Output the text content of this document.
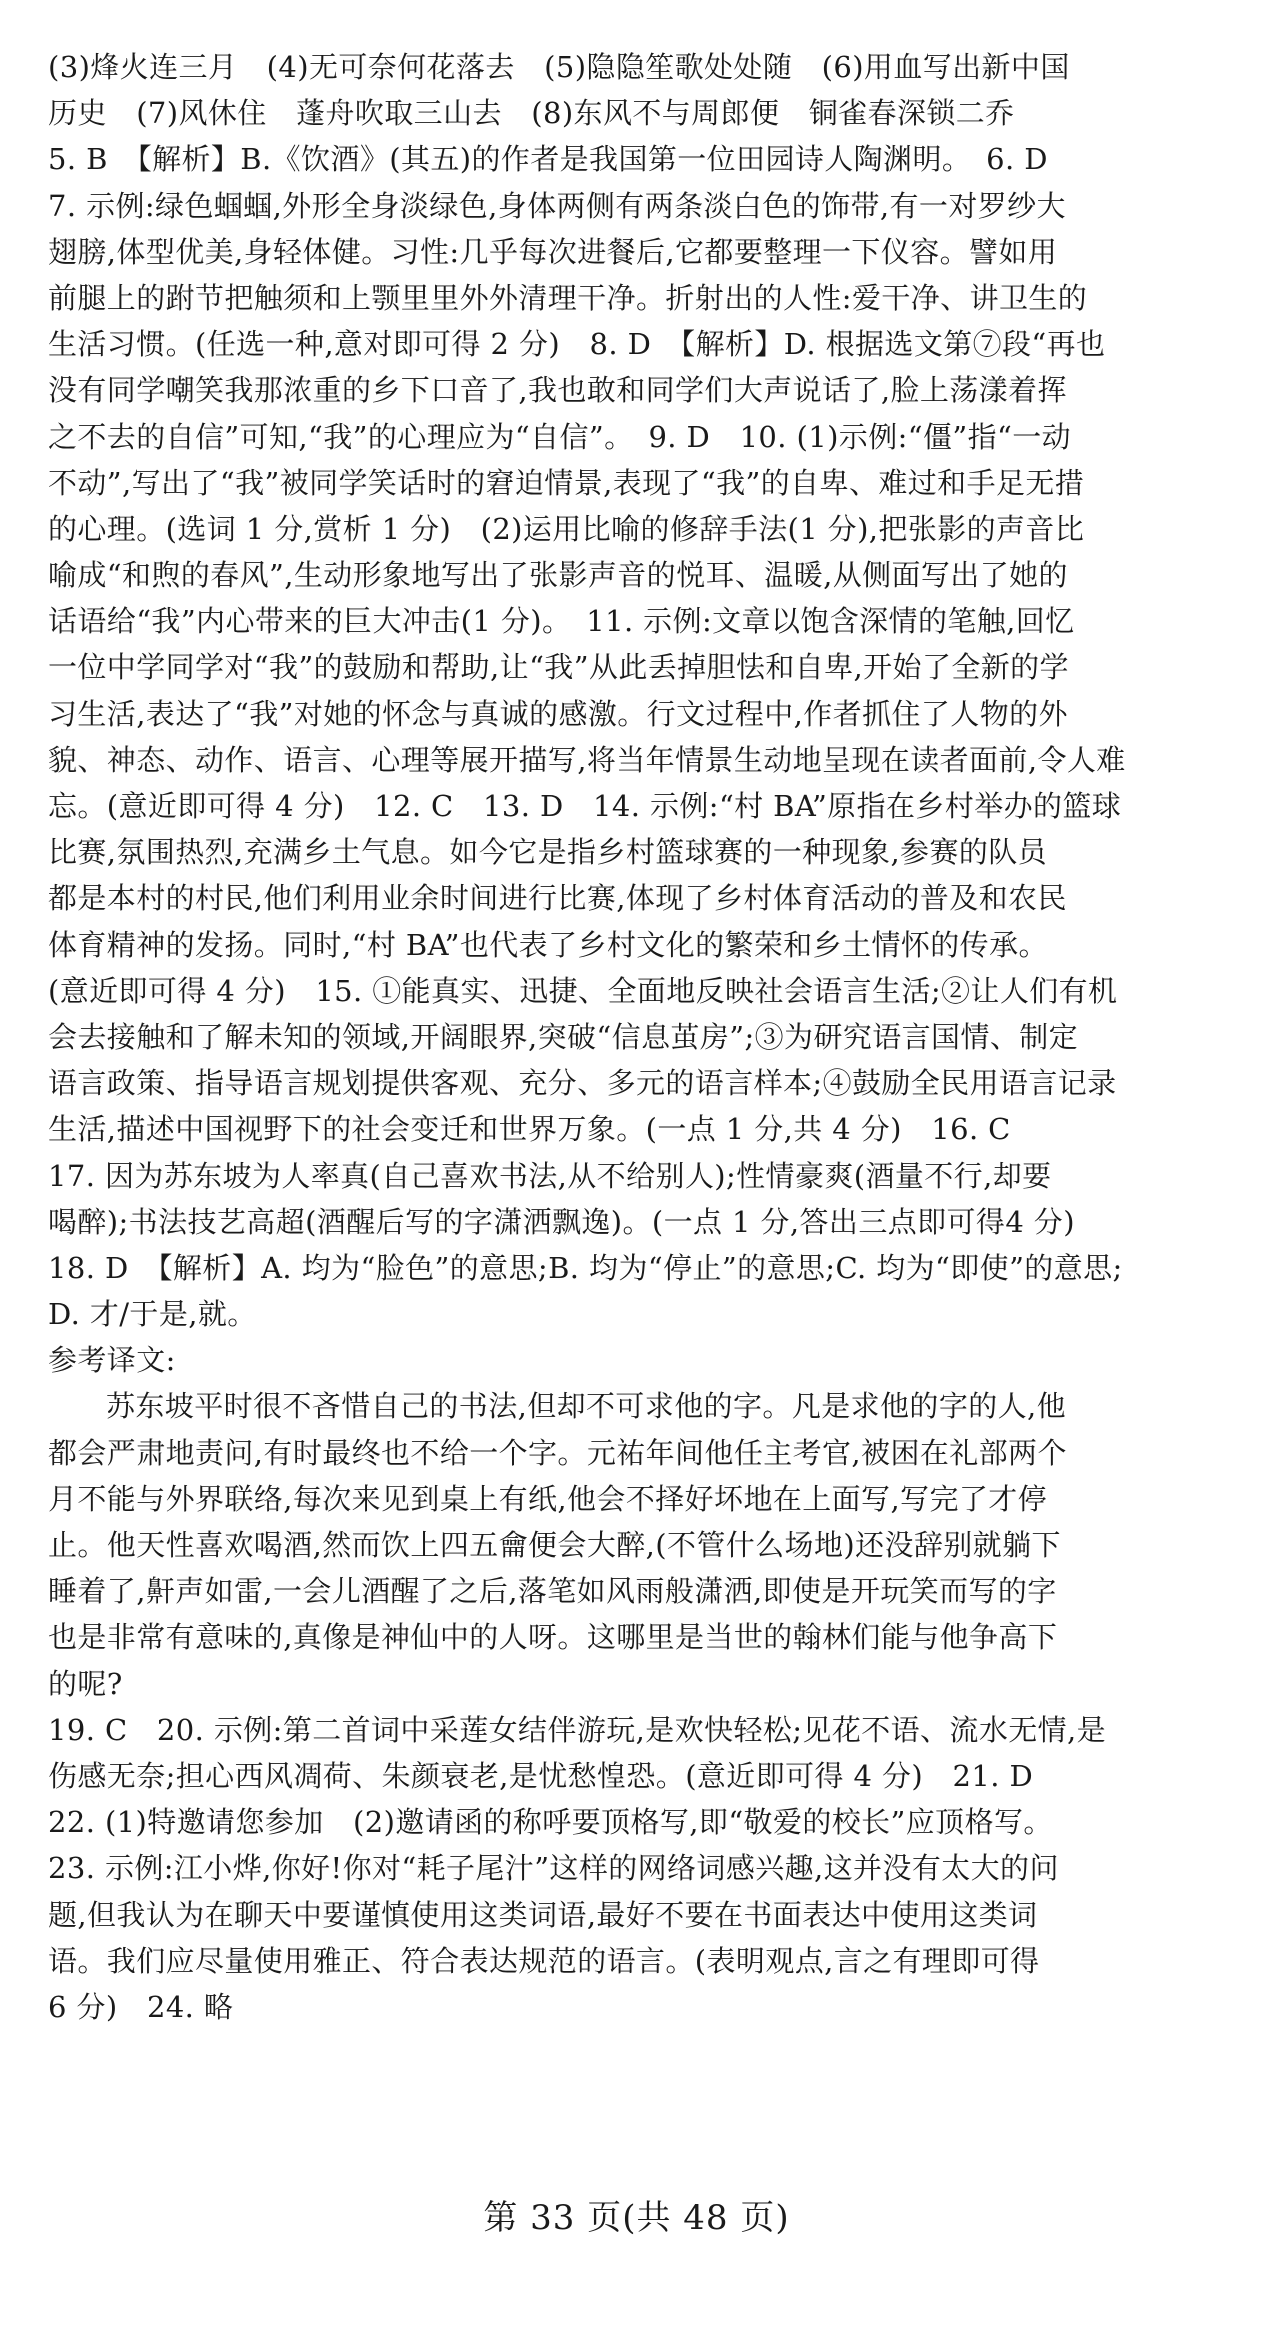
(3)烽火连三月　(4)无可奈何花落去　(5)隐隐笙歌处处随　(6)用血写出新中国
历史　(7)风休住　蓬舟吹取三山去　(8)东风不与周郎便　铜雀春深锁二乔
5. B　【解析】B.《饮酒》(其五)的作者是我国第一位田园诗人陶渊明。　6. D
7. 示例:绿色蝈蝈,外形全身淡绿色,身体两侧有两条淡白色的饰带,有一对罗纱大
翅膀,体型优美,身轻体健。习性:几乎每次进餐后,它都要整理一下仪容。譬如用
前腿上的跗节把触须和上颚里里外外清理干净。折射出的人性:爱干净、讲卫生的
生活习惯。(任选一种,意对即可得 2 分)　8. D　【解析】D. 根据选文第⑦段“再也
没有同学嘲笑我那浓重的乡下口音了,我也敢和同学们大声说话了,脸上荡漾着挥
之不去的自信”可知,“我”的心理应为“自信”。　9. D　10. (1)示例:“僵”指“一动
不动”,写出了“我”被同学笑话时的窘迫情景,表现了“我”的自卑、难过和手足无措
的心理。(选词 1 分,赏析 1 分)　(2)运用比喻的修辞手法(1 分),把张影的声音比
喻成“和煦的春风”,生动形象地写出了张影声音的悦耳、温暖,从侧面写出了她的
话语给“我”内心带来的巨大冲击(1 分)。　11. 示例:文章以饱含深情的笔触,回忆
一位中学同学对“我”的鼓励和帮助,让“我”从此丢掉胆怯和自卑,开始了全新的学
习生活,表达了“我”对她的怀念与真诚的感激。行文过程中,作者抓住了人物的外
貌、神态、动作、语言、心理等展开描写,将当年情景生动地呈现在读者面前,令人难
忘。(意近即可得 4 分)　12. C　13. D　14. 示例:“村 BA”原指在乡村举办的篮球
比赛,氛围热烈,充满乡土气息。如今它是指乡村篮球赛的一种现象,参赛的队员
都是本村的村民,他们利用业余时间进行比赛,体现了乡村体育活动的普及和农民
体育精神的发扬。同时,“村 BA”也代表了乡村文化的繁荣和乡土情怀的传承。
(意近即可得 4 分)　15. ①能真实、迅捷、全面地反映社会语言生活;②让人们有机
会去接触和了解未知的领域,开阔眼界,突破“信息茧房”;③为研究语言国情、制定
语言政策、指导语言规划提供客观、充分、多元的语言样本;④鼓励全民用语言记录
生活,描述中国视野下的社会变迁和世界万象。(一点 1 分,共 4 分)　16. C
17. 因为苏东坡为人率真(自己喜欢书法,从不给别人);性情豪爽(酒量不行,却要
喝醉);书法技艺高超(酒醒后写的字潇洒飘逸)。(一点 1 分,答出三点即可得4 分)
18. D　【解析】A. 均为“脸色”的意思;B. 均为“停止”的意思;C. 均为“即使”的意思;
D. 才/于是,就。
参考译文:
苏东坡平时很不吝惜自己的书法,但却不可求他的字。凡是求他的字的人,他
都会严肃地责问,有时最终也不给一个字。元祐年间他任主考官,被困在礼部两个
月不能与外界联络,每次来见到桌上有纸,他会不择好坏地在上面写,写完了才停
止。他天性喜欢喝酒,然而饮上四五龠便会大醉,(不管什么场地)还没辞别就躺下
睡着了,鼾声如雷,一会儿酒醒了之后,落笔如风雨般潇洒,即使是开玩笑而写的字
也是非常有意味的,真像是神仙中的人呀。这哪里是当世的翰林们能与他争高下
的呢?
19. C　20. 示例:第二首词中采莲女结伴游玩,是欢快轻松;见花不语、流水无情,是
伤感无奈;担心西风凋荷、朱颜衰老,是忧愁惶恐。(意近即可得 4 分)　21. D
22. (1)特邀请您参加　(2)邀请函的称呼要顶格写,即“敬爱的校长”应顶格写。
23. 示例:江小烨,你好!你对“耗子尾汁”这样的网络词感兴趣,这并没有太大的问
题,但我认为在聊天中要谨慎使用这类词语,最好不要在书面表达中使用这类词
语。我们应尽量使用雅正、符合表达规范的语言。(表明观点,言之有理即可得
6 分)　24. 略
第 33 页(共 48 页)
